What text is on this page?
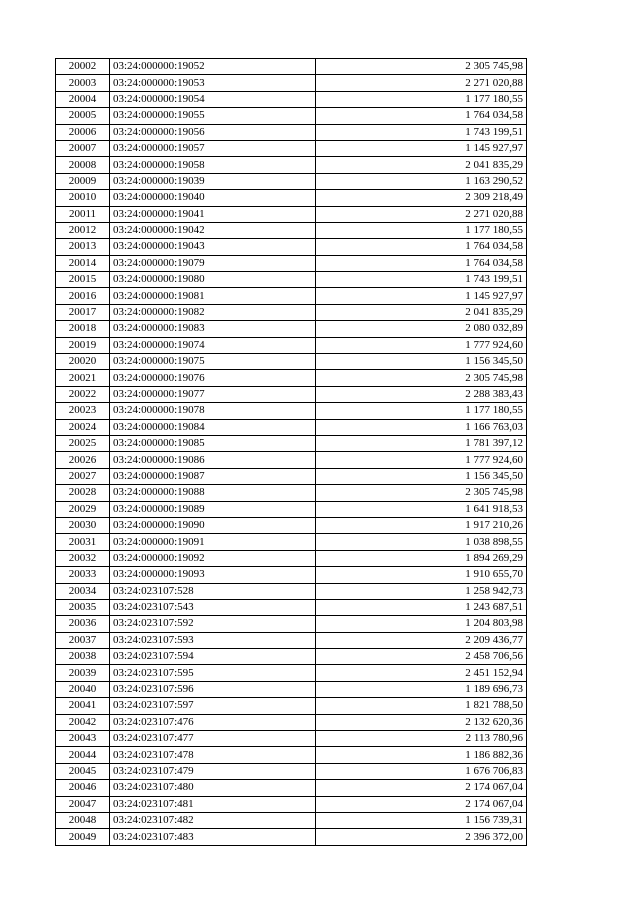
20002	03:24:000000:19052	2 305 745,98
20003	03:24:000000:19053	2 271 020,88
20004	03:24:000000:19054	1 177 180,55
20005	03:24:000000:19055	1 764 034,58
20006	03:24:000000:19056	1 743 199,51
20007	03:24:000000:19057	1 145 927,97
20008	03:24:000000:19058	2 041 835,29
20009	03:24:000000:19039	1 163 290,52
20010	03:24:000000:19040	2 309 218,49
20011	03:24:000000:19041	2 271 020,88
20012	03:24:000000:19042	1 177 180,55
20013	03:24:000000:19043	1 764 034,58
20014	03:24:000000:19079	1 764 034,58
20015	03:24:000000:19080	1 743 199,51
20016	03:24:000000:19081	1 145 927,97
20017	03:24:000000:19082	2 041 835,29
20018	03:24:000000:19083	2 080 032,89
20019	03:24:000000:19074	1 777 924,60
20020	03:24:000000:19075	1 156 345,50
20021	03:24:000000:19076	2 305 745,98
20022	03:24:000000:19077	2 288 383,43
20023	03:24:000000:19078	1 177 180,55
20024	03:24:000000:19084	1 166 763,03
20025	03:24:000000:19085	1 781 397,12
20026	03:24:000000:19086	1 777 924,60
20027	03:24:000000:19087	1 156 345,50
20028	03:24:000000:19088	2 305 745,98
20029	03:24:000000:19089	1 641 918,53
20030	03:24:000000:19090	1 917 210,26
20031	03:24:000000:19091	1 038 898,55
20032	03:24:000000:19092	1 894 269,29
20033	03:24:000000:19093	1 910 655,70
20034	03:24:023107:528	1 258 942,73
20035	03:24:023107:543	1 243 687,51
20036	03:24:023107:592	1 204 803,98
20037	03:24:023107:593	2 209 436,77
20038	03:24:023107:594	2 458 706,56
20039	03:24:023107:595	2 451 152,94
20040	03:24:023107:596	1 189 696,73
20041	03:24:023107:597	1 821 788,50
20042	03:24:023107:476	2 132 620,36
20043	03:24:023107:477	2 113 780,96
20044	03:24:023107:478	1 186 882,36
20045	03:24:023107:479	1 676 706,83
20046	03:24:023107:480	2 174 067,04
20047	03:24:023107:481	2 174 067,04
20048	03:24:023107:482	1 156 739,31
20049	03:24:023107:483	2 396 372,00
